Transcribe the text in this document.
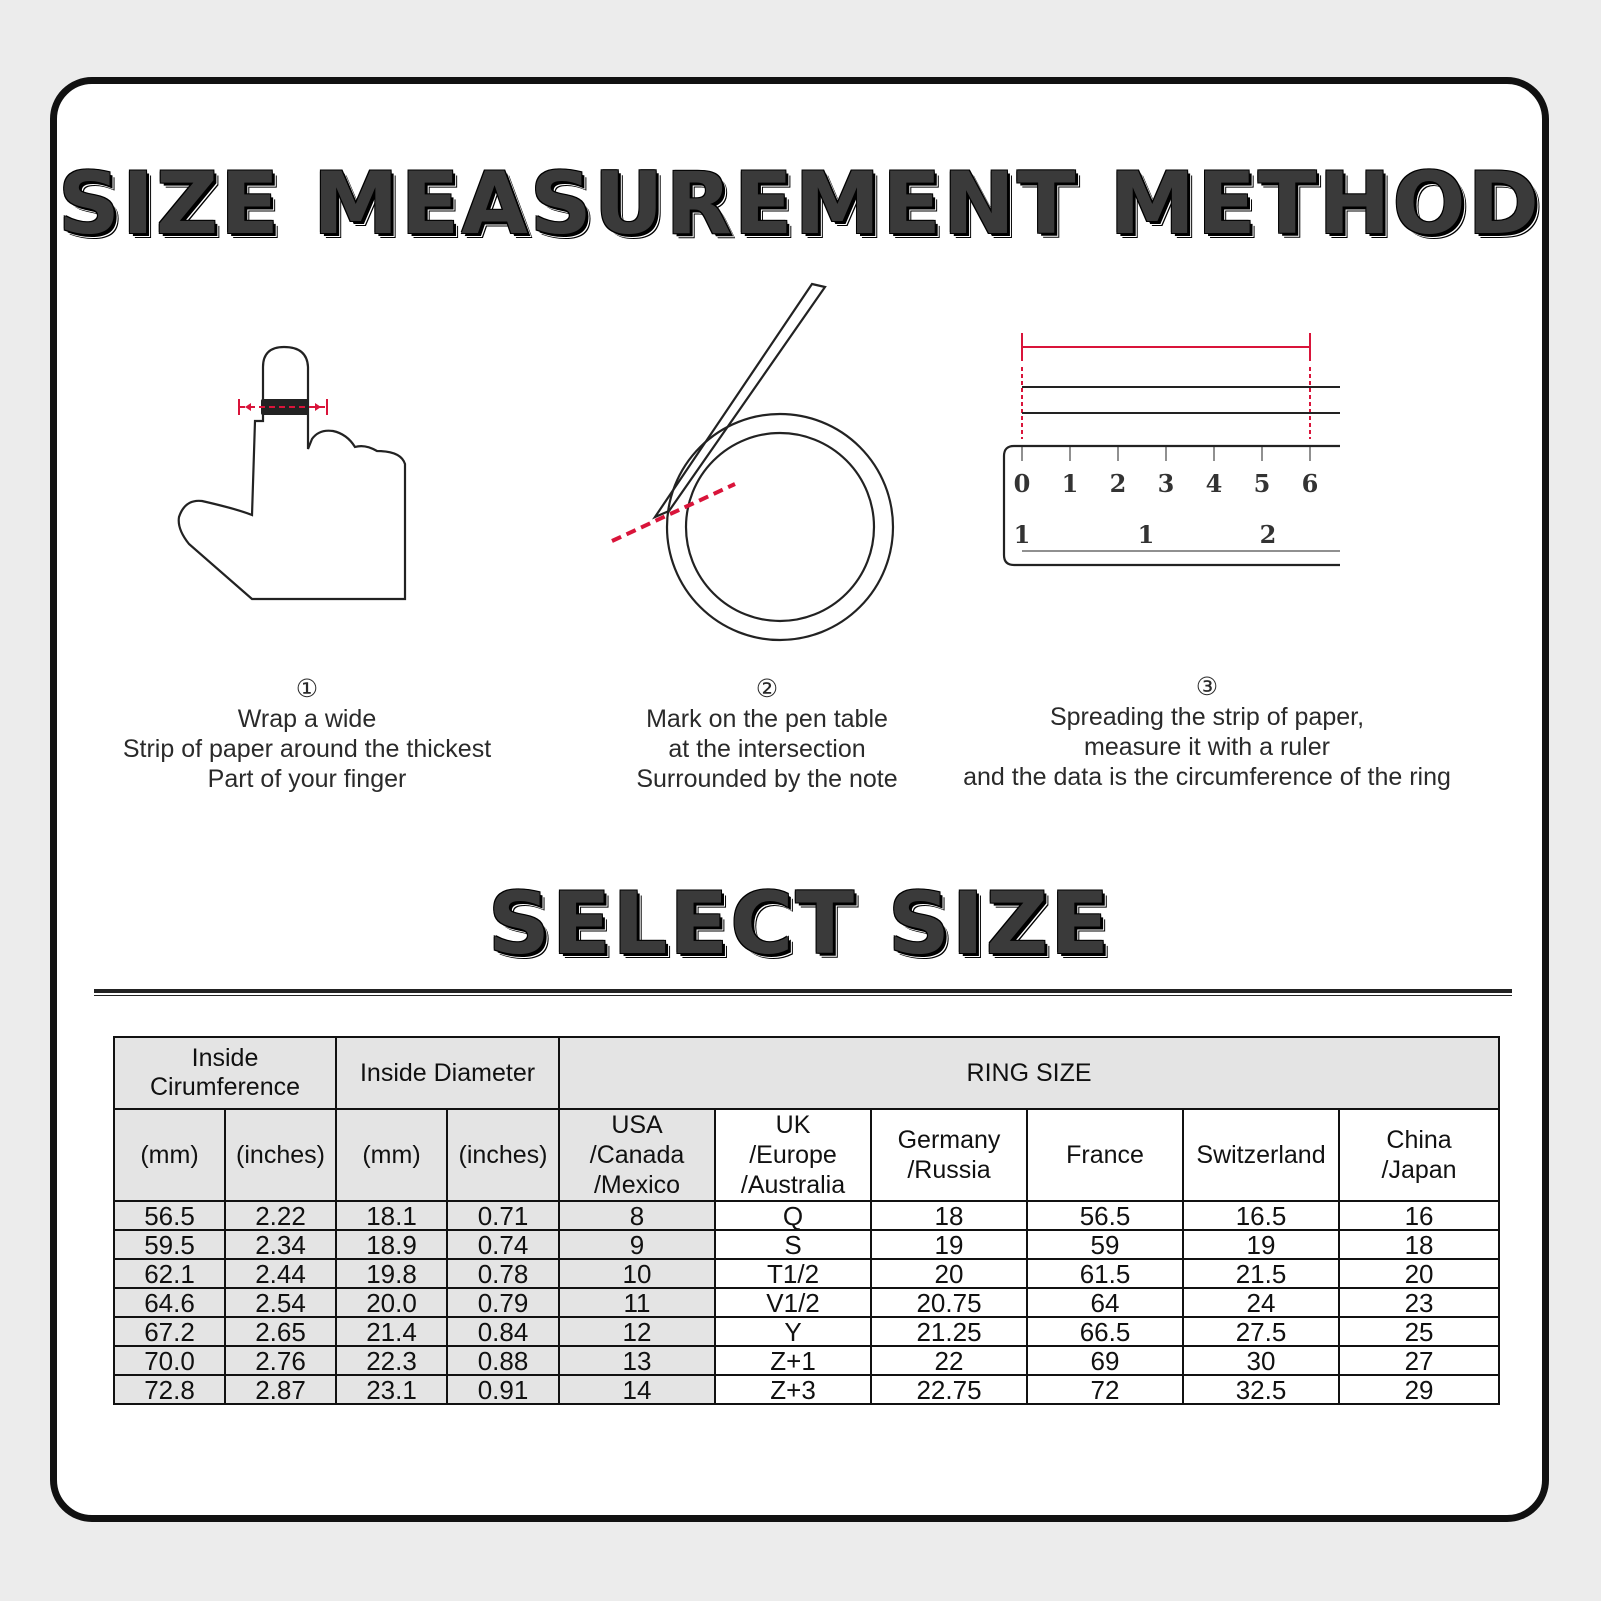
SIZE MEASUREMENT METHOD
0 1 2 3 4 5 6
1	1	2
①
Wrap a wide
Strip of paper around the thickest
Part of your finger
②
Mark on the pen table
at the intersection
Surrounded by the note
③
Spreading the strip of paper,
measure it with a ruler
and the data is the circumference of the ring
SELECT SIZE
Inside
Cirumference		Inside Diameter		RING SIZE					
(mm)	(inches)	(mm)	(inches)	USA
/Canada
/Mexico	UK
/Europe
/Australia	Germany
/Russia	France	Switzerland	China
/Japan
56.5	2.22	18.1	0.71	8	Q	18	56.5	16.5	16
59.5	2.34	18.9	0.74	9	S	19	59	19	18
62.1	2.44	19.8	0.78	10	T1/2	20	61.5	21.5	20
64.6	2.54	20.0	0.79	11	V1/2	20.75	64	24	23
67.2	2.65	21.4	0.84	12	Y	21.25	66.5	27.5	25
70.0	2.76	22.3	0.88	13	Z+1	22	69	30	27
72.8	2.87	23.1	0.91	14	Z+3	22.75	72	32.5	29
